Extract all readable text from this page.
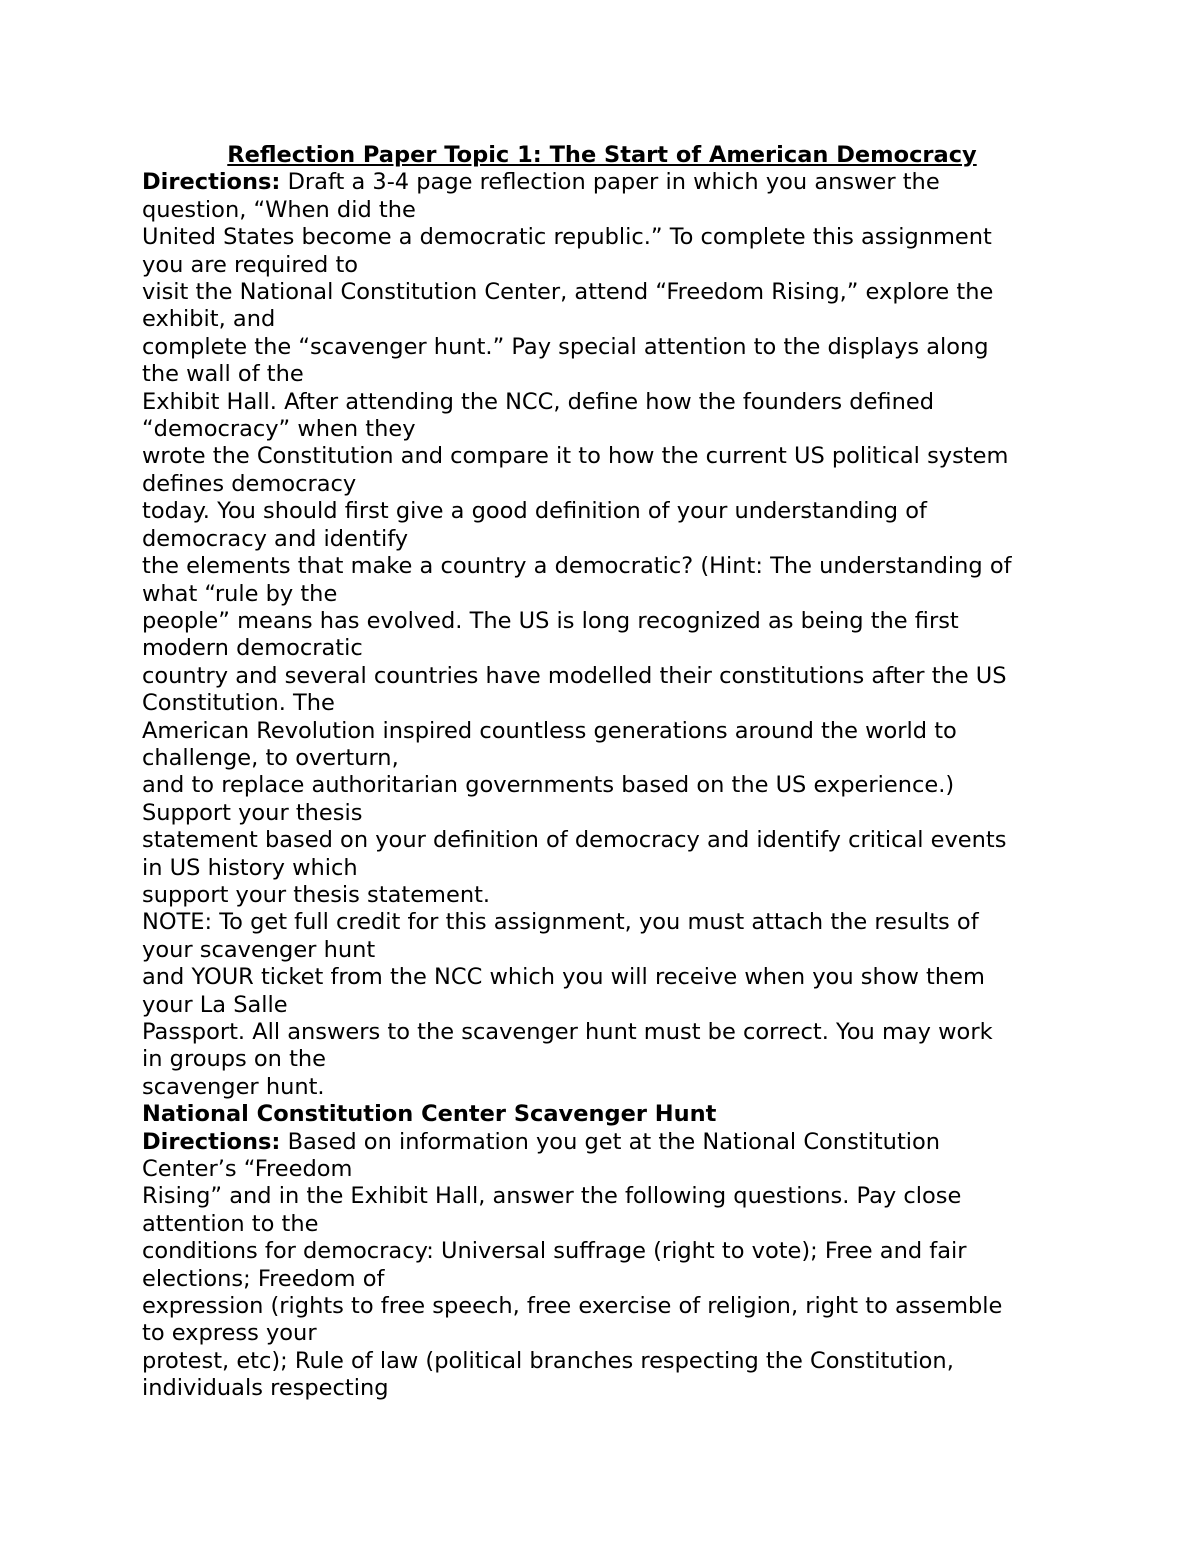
Reflection Paper Topic 1: The Start of American Democracy

Directions: Draft a 3-4 page reflection paper in which you answer the
question, “When did the
United States become a democratic republic.” To complete this assignment
you are required to
visit the National Constitution Center, attend “Freedom Rising,” explore the
exhibit, and
complete the “scavenger hunt.” Pay special attention to the displays along
the wall of the
Exhibit Hall. After attending the NCC, define how the founders defined
“democracy” when they
wrote the Constitution and compare it to how the current US political system
defines democracy
today. You should first give a good definition of your understanding of
democracy and identify
the elements that make a country a democratic? (Hint: The understanding of
what “rule by the
people” means has evolved. The US is long recognized as being the first
modern democratic
country and several countries have modelled their constitutions after the US
Constitution. The
American Revolution inspired countless generations around the world to
challenge, to overturn,
and to replace authoritarian governments based on the US experience.)
Support your thesis
statement based on your definition of democracy and identify critical events
in US history which
support your thesis statement.
NOTE: To get full credit for this assignment, you must attach the results of
your scavenger hunt
and YOUR ticket from the NCC which you will receive when you show them
your La Salle
Passport. All answers to the scavenger hunt must be correct. You may work
in groups on the
scavenger hunt.

National Constitution Center Scavenger Hunt

Directions: Based on information you get at the National Constitution
Center’s “Freedom
Rising” and in the Exhibit Hall, answer the following questions. Pay close
attention to the
conditions for democracy: Universal suffrage (right to vote); Free and fair
elections; Freedom of
expression (rights to free speech, free exercise of religion, right to assemble
to express your
protest, etc); Rule of law (political branches respecting the Constitution,
individuals respecting
